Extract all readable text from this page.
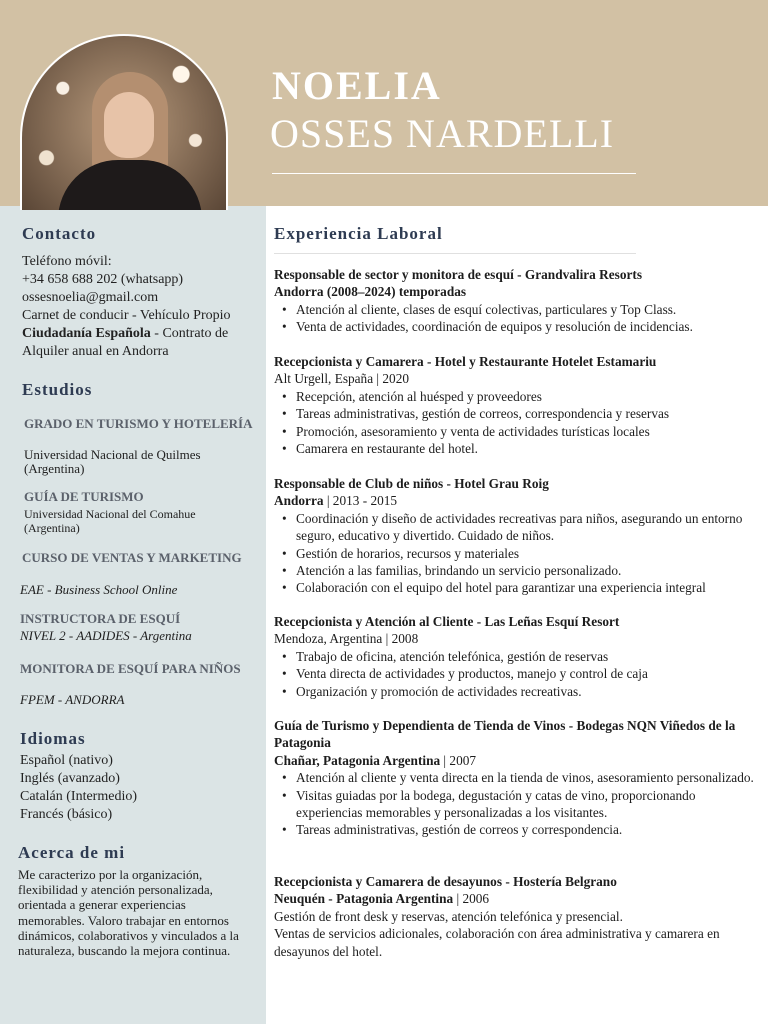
NOELIA
OSSES NARDELLI
Contacto
Teléfono móvil:
+34 658 688 202 (whatsapp)
ossesnoelia@gmail.com
Carnet de conducir - Vehículo Propio
Ciudadanía Española - Contrato de
Alquiler anual en Andorra
Estudios
GRADO EN TURISMO Y HOTELERÍA
Universidad Nacional de Quilmes (Argentina)
GUÍA DE TURISMO
Universidad Nacional del Comahue (Argentina)
CURSO DE VENTAS Y MARKETING
EAE - Business School Online
INSTRUCTORA DE ESQUÍ
NIVEL 2 - AADIDES - Argentina
MONITORA DE ESQUÍ PARA NIÑOS
FPEM - ANDORRA
Idiomas
Español (nativo)
Inglés (avanzado)
Catalán (Intermedio)
Francés (básico)
Acerca de mi
Me caracterizo por la organización, flexibilidad y atención personalizada, orientada a generar experiencias memorables. Valoro trabajar en entornos dinámicos, colaborativos y vinculados a la naturaleza, buscando la mejora continua.
Experiencia Laboral
Responsable de sector y monitora de esquí - Grandvalira Resorts
Andorra (2008–2024) temporadas
• Atención al cliente, clases de esquí colectivas, particulares y Top Class.
• Venta de actividades, coordinación de equipos y resolución de incidencias.
Recepcionista y Camarera - Hotel y Restaurante Hotelet Estamariu
Alt Urgell, España | 2020
• Recepción, atención al huésped y proveedores
• Tareas administrativas, gestión de correos, correspondencia y reservas
• Promoción, asesoramiento y venta de actividades turísticas locales
• Camarera en restaurante del hotel.
Responsable de Club de niños - Hotel Grau Roig
Andorra | 2013 - 2015
• Coordinación y diseño de actividades recreativas para niños, asegurando un entorno seguro, educativo y divertido. Cuidado de niños.
• Gestión de horarios, recursos y materiales
• Atención a las familias, brindando un servicio personalizado.
• Colaboración con el equipo del hotel para garantizar una experiencia integral
Recepcionista y Atención al Cliente - Las Leñas Esquí Resort
Mendoza, Argentina | 2008
• Trabajo de oficina, atención telefónica, gestión de reservas
• Venta directa de actividades y productos, manejo y control de caja
• Organización y promoción de actividades recreativas.
Guía de Turismo y Dependienta de Tienda de Vinos - Bodegas NQN Viñedos de la Patagonia
Chañar, Patagonia Argentina | 2007
• Atención al cliente y venta directa en la tienda de vinos, asesoramiento personalizado.
• Visitas guiadas por la bodega, degustación y catas de vino, proporcionando experiencias memorables y personalizadas a los visitantes.
• Tareas administrativas, gestión de correos y correspondencia.
Recepcionista y Camarera de desayunos - Hostería Belgrano
Neuquén - Patagonia Argentina | 2006
Gestión de front desk y reservas, atención telefónica y presencial.
Ventas de servicios adicionales, colaboración con área administrativa y camarera en desayunos del hotel.
